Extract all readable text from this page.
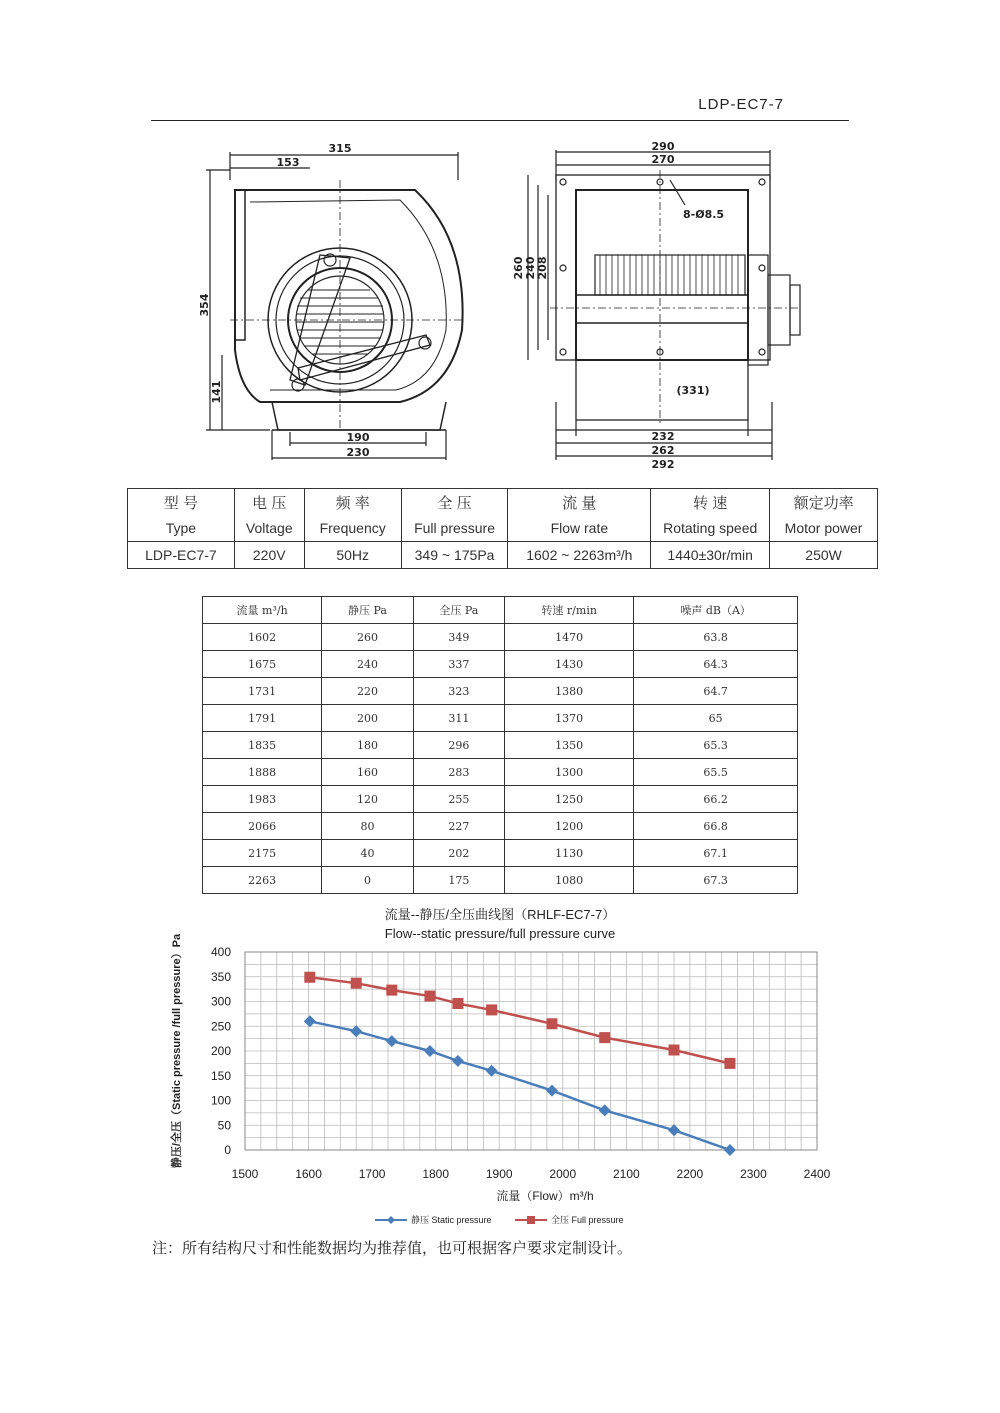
LDP-EC7-7
315
153
354
141
190
230
290
270
8-Ø8.5
260 240 208
(331)
232
262
292
型 号	电 压	频 率	全 压	流 量	转 速	额定功率
Type	Voltage	Frequency	Full pressure	Flow rate	Rotating speed	Motor power
LDP-EC7-7	220V	50Hz	349 ~ 175Pa	1602 ~ 2263m³/h	1440±30r/min	250W
流量 m³/h	静压 Pa	全压 Pa	转速 r/min	噪声 dB（A）
1602	260	349	1470	63.8
1675	240	337	1430	64.3
1731	220	323	1380	64.7
1791	200	311	1370	65
1835	180	296	1350	65.3
1888	160	283	1300	65.5
1983	120	255	1250	66.2
2066	80	227	1200	66.8
2175	40	202	1130	67.1
2263	0	175	1080	67.3
流量--静压/全压曲线图（RHLF-EC7-7）
Flow--static pressure/full pressure curve
1500	1600	1700	1800	1900	2000	2100	2200	2300	2400
0
50
100
150
200
250
300
350
400
流量（Flow）m³/h
静压/全压（Static pressure /full pressure）Pa
静压 Static pressure	全压 Full pressure
注：所有结构尺寸和性能数据均为推荐值，也可根据客户要求定制设计。
